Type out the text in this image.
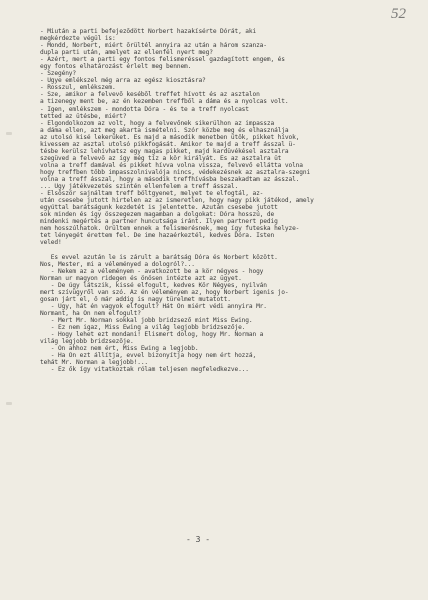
52
- Miután a parti befejeződött Norbert hazakísérte Dórát, aki
megkérdezte végül is:
- Mondd, Norbert, miért őrültél annyira az után a három szanza-
dupla parti után, amelyet az ellenfél nyert meg?
- Azért, mert a parti egy fontos felismeréssel gazdagított engem, és
egy fontos elhatározást érlelt meg bennem.
- Szegény?
- Úgye emlékszel még arra az egész kiosztásra?
- Rosszul, emlékszem.
- Sze, amikor a felvevő keséből treffet hívott és az asztalon
a tizenegy ment be, az én kezemben treffből a dáma és a nyolcas volt.
- Igen, emlékszem - mondotta Dóra - és te a treff nyolcast
tetted az ütésbe, miért?
- Elgondolkozom az volt, hogy a felvevőnek sikerülhon az impassza
a dáma ellen, azt meg akarta ismételni. Szór közbe meg és elhasználja
az utolsó kisé lekerüket. És majd a második menetben ütök, pikket hívok,
kivessem az asztal utolsó pikkfogását. Amikor te majd a treff ásszal ü-
tésbe kerülsz lehívhatsz egy magas pikket, majd kardüvékésel asztalra
szegüved a felvevő az így még tíz a kör királyát. És az asztalra üt
volna a treff damával és pikket hívva volna vissza, felvevő ellátta volna
hogy treffben több impasszolnivalója nincs, védekezésnek az asztalra-szegni
volna a treff ásszal, hogy a második treffhívásba beszakadtam az ásszal.
... Úgy játékvezetés szintén ellenfelem a treff ásszal.
- Elsőször sajnáltam treff böltgyenet, melyet te elfogtál, az-
után csesebe jutott hirtelen az az ismeretlen, hogy nagy pikk játékod, amely
egyúttal barátságunk kezdetét is jelentette. Azután csesebe jutott
sok minden és így összegezem magamban a dolgokat: Dóra hosszú, de
mindenki megértés a partner huncutsága iránt. Ilyen partnert pedig
nem hosszúlhatok. Őrültem ennek a felismerésnek, meg így futeska helyze-
tet lényegét érettem fel. De ime hazaérkeztél, kedves Dóra. Isten
veled!
Es evvel azután le is zárult a barátság Dóra és Norbert között.
Nos, Mester, mi a véleményed a dologról?...
- Nekem az a véleményem - avatkozott be a kör négyes - hogy
Norman ur magyon ridegen és önösen intézte azt az ügyet.
- De úgy látszik, kissé elfogult, kedves Kör Négyes, nyilván
mert szívügyről van szó. Az én véleményem az, hogy Norbert igenis jo-
gosan járt el, ő már addig is nagy türelmet mutatott.
- Úgy, hát én vagyok elfogult? Hát Ön miért védi annyira Mr.
Normant, ha Ön nem elfogult?
- Mert Mr. Norman sokkal jobb bridzsező mint Miss Ewing.
- Ez nem igaz, Miss Ewing a világ legjobb bridzsezője.
- Hogy lehet ezt mondani! Elismert dolog, hogy Mr. Norman a
világ legjobb bridzsezője.
- Ön ahhoz nem ért, Miss Ewing a legjobb.
- Ha Ön ezt állítja, evvel bizonyítja hogy nem ért hozzá,
tehát Mr. Norman a legjobb!...
- Ez ők így vitatkoztak rólam teljesen megfeledkezve...
- 3 -
